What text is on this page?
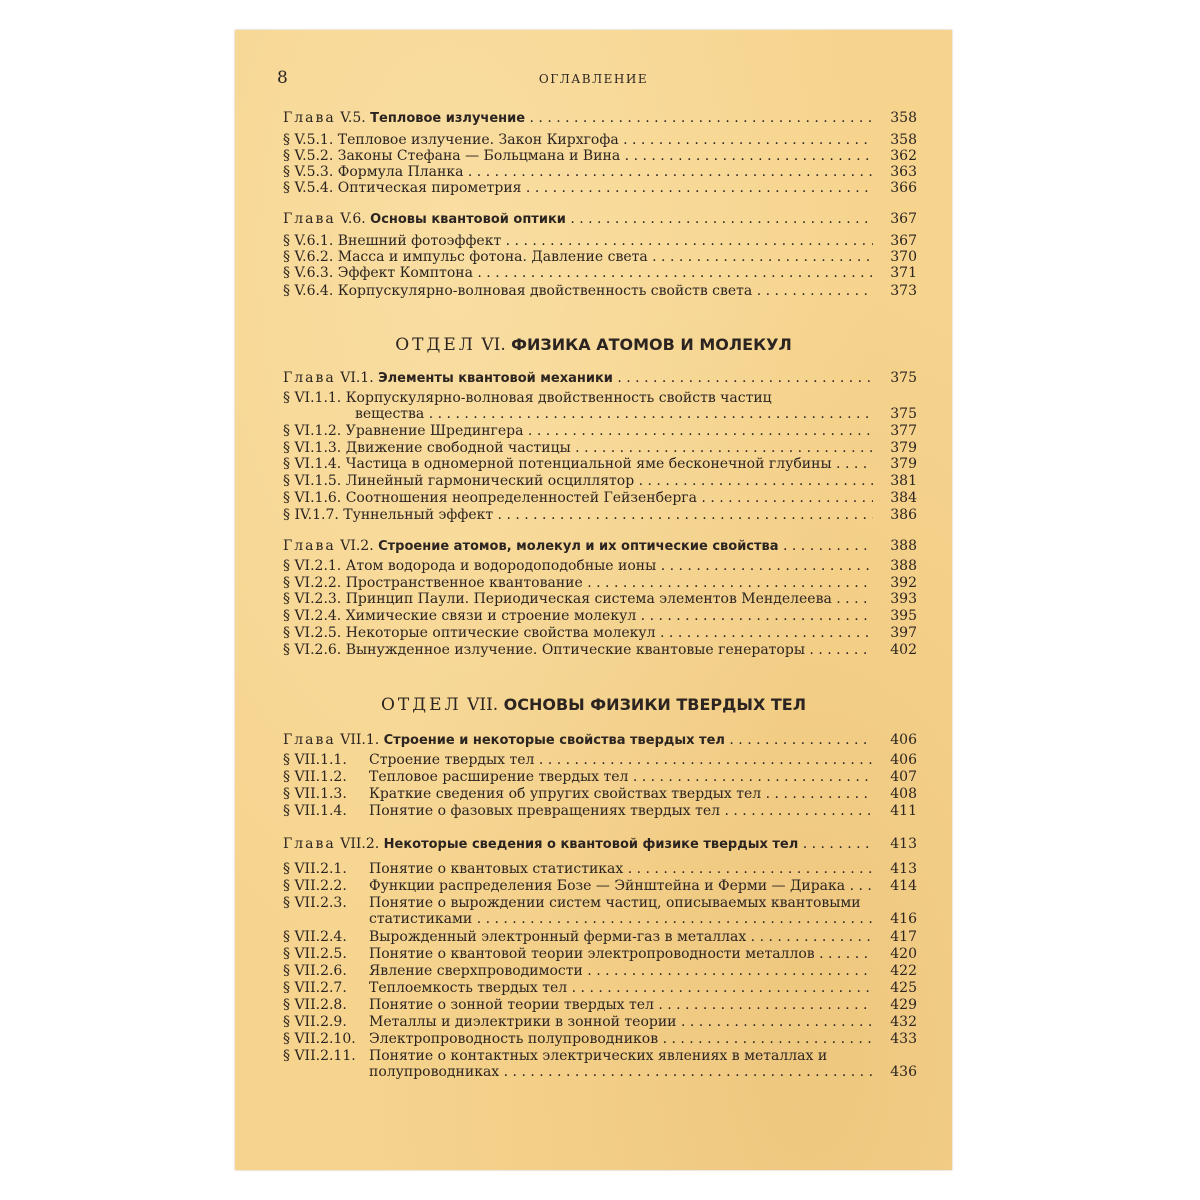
8	ОГЛАВЛЕНИЕ
Глава V.5. Тепловое излучение . . .	358
§ V.5.1. Тепловое излучение. Закон Кирхгофа . . .	358
§ V.5.2. Законы Стефана — Больцмана и Вина . . .	362
§ V.5.3. Формула Планка . . .	363
§ V.5.4. Оптическая пирометрия . . .	366
Глава V.6. Основы квантовой оптики . . .	367
§ V.6.1. Внешний фотоэффект . . .	367
§ V.6.2. Масса и импульс фотона. Давление света . . .	370
§ V.6.3. Эффект Комптона . . .	371
§ V.6.4. Корпускулярно-волновая двойственность свойств света . . .	373
ОТДЕЛ VI. ФИЗИКА АТОМОВ И МОЛЕКУЛ
Глава VI.1. Элементы квантовой механики . . .	375
§ VI.1.1. Корпускулярно-волновая двойственность свойств частиц
вещества . . .	375
§ VI.1.2. Уравнение Шредингера . . .	377
§ VI.1.3. Движение свободной частицы . . .	379
§ VI.1.4. Частица в одномерной потенциальной яме бесконечной глубины . . .	379
§ VI.1.5. Линейный гармонический осциллятор . . .	381
§ VI.1.6. Соотношения неопределенностей Гейзенберга . . .	384
§ IV.1.7. Туннельный эффект . . .	386
Глава VI.2. Строение атомов, молекул и их оптические свойства . . .	388
§ VI.2.1. Атом водорода и водородоподобные ионы . . .	388
§ VI.2.2. Пространственное квантование . . .	392
§ VI.2.3. Принцип Паули. Периодическая система элементов Менделеева . . .	393
§ VI.2.4. Химические связи и строение молекул . . .	395
§ VI.2.5. Некоторые оптические свойства молекул . . .	397
§ VI.2.6. Вынужденное излучение. Оптические квантовые генераторы . . .	402
ОТДЕЛ VII. ОСНОВЫ ФИЗИКИ ТВЕРДЫХ ТЕЛ
Глава VII.1. Строение и некоторые свойства твердых тел . . .	406
§ VII.1.1. Строение твердых тел . . .	406
§ VII.1.2. Тепловое расширение твердых тел . . .	407
§ VII.1.3. Краткие сведения об упругих свойствах твердых тел . . .	408
§ VII.1.4. Понятие о фазовых превращениях твердых тел . . .	411
Глава VII.2. Некоторые сведения о квантовой физике твердых тел . . .	413
§ VII.2.1. Понятие о квантовых статистиках . . .	413
§ VII.2.2. Функции распределения Бозе — Эйнштейна и Ферми — Дирака . . .	414
§ VII.2.3. Понятие о вырождении систем частиц, описываемых квантовыми
статистиками . . .	416
§ VII.2.4. Вырожденный электронный ферми-газ в металлах . . .	417
§ VII.2.5. Понятие о квантовой теории электропроводности металлов . . .	420
§ VII.2.6. Явление сверхпроводимости . . .	422
§ VII.2.7. Теплоемкость твердых тел . . .	425
§ VII.2.8. Понятие о зонной теории твердых тел . . .	429
§ VII.2.9. Металлы и диэлектрики в зонной теории . . .	432
§ VII.2.10. Электропроводность полупроводников . . .	433
§ VII.2.11. Понятие о контактных электрических явлениях в металлах и
полупроводниках . . .	436
